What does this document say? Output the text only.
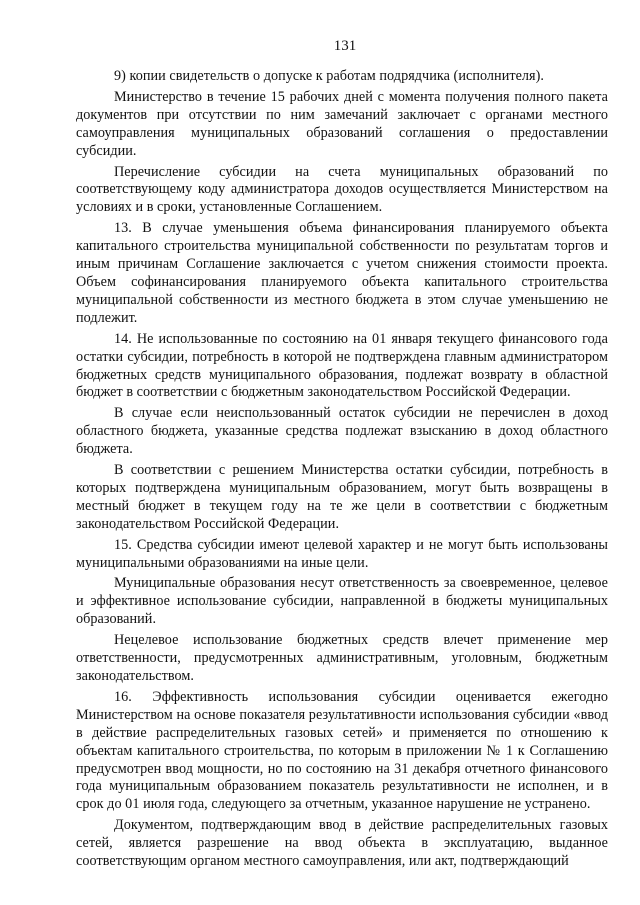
131

9) копии свидетельств о допуске к работам подрядчика (исполнителя).

Министерство в течение 15 рабочих дней с момента получения полного пакета документов при отсутствии по ним замечаний заключает с органами местного самоуправления муниципальных образований соглашения о предоставлении субсидии.

Перечисление субсидии на счета муниципальных образований по соответствующему коду администратора доходов осуществляется Министерством на условиях и в сроки, установленные Соглашением.

13. В случае уменьшения объема финансирования планируемого объекта капитального строительства муниципальной собственности по результатам торгов и иным причинам Соглашение заключается с учетом снижения стоимости проекта. Объем софинансирования планируемого объекта капитального строительства муниципальной собственности из местного бюджета в этом случае уменьшению не подлежит.

14. Не использованные по состоянию на 01 января текущего финансового года остатки субсидии, потребность в которой не подтверждена главным администратором бюджетных средств муниципального образования, подлежат возврату в областной бюджет в соответствии с бюджетным законодательством Российской Федерации.

В случае если неиспользованный остаток субсидии не перечислен в доход областного бюджета, указанные средства подлежат взысканию в доход областного бюджета.

В соответствии с решением Министерства остатки субсидии, потребность в которых подтверждена муниципальным образованием, могут быть возвращены в местный бюджет в текущем году на те же цели в соответствии с бюджетным законодательством Российской Федерации.

15. Средства субсидии имеют целевой характер и не могут быть использованы муниципальными образованиями на иные цели.

Муниципальные образования несут ответственность за своевременное, целевое и эффективное использование субсидии, направленной в бюджеты муниципальных образований.

Нецелевое использование бюджетных средств влечет применение мер ответственности, предусмотренных административным, уголовным, бюджетным законодательством.

16. Эффективность использования субсидии оценивается ежегодно Министерством на основе показателя результативности использования субсидии «ввод в действие распределительных газовых сетей» и применяется по отношению к объектам капитального строительства, по которым в приложении № 1 к Соглашению предусмотрен ввод мощности, но по состоянию на 31 декабря отчетного финансового года муниципальным образованием показатель результативности не исполнен, и в срок до 01 июля года, следующего за отчетным, указанное нарушение не устранено.

Документом, подтверждающим ввод в действие распределительных газовых сетей, является разрешение на ввод объекта в эксплуатацию, выданное соответствующим органом местного самоуправления, или акт, подтверждающий
